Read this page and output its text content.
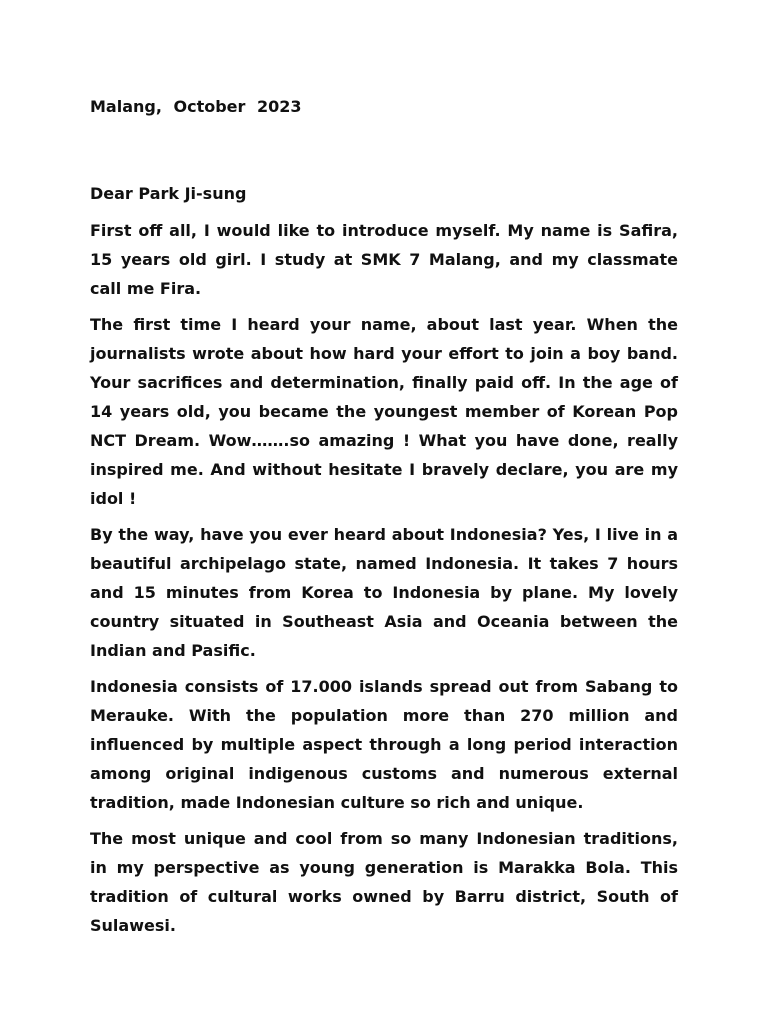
Malang, October 2023

Dear Park Ji-sung

First off all, I would like to introduce myself. My name is Safira, 15 years old girl. I study at SMK 7 Malang, and my classmate call me Fira.

The first time I heard your name, about last year. When the journalists wrote about how hard your effort to join a boy band. Your sacrifices and determination, finally paid off. In the age of 14 years old, you became the youngest member of Korean Pop NCT Dream. Wow…….so amazing ! What you have done, really inspired me. And without hesitate I bravely declare, you are my idol !

By the way, have you ever heard about Indonesia? Yes, I live in a beautiful archipelago state, named Indonesia. It takes 7 hours and 15 minutes from Korea to Indonesia by plane. My lovely country situated in Southeast Asia and Oceania between the Indian and Pasific.

Indonesia consists of 17.000 islands spread out from Sabang to Merauke. With the population more than 270 million and influenced by multiple aspect through a long period interaction among original indigenous customs and numerous external tradition, made Indonesian culture so rich and unique.

The most unique and cool from so many Indonesian traditions, in my perspective as young generation is Marakka Bola. This tradition of cultural works owned by Barru district, South of Sulawesi.
